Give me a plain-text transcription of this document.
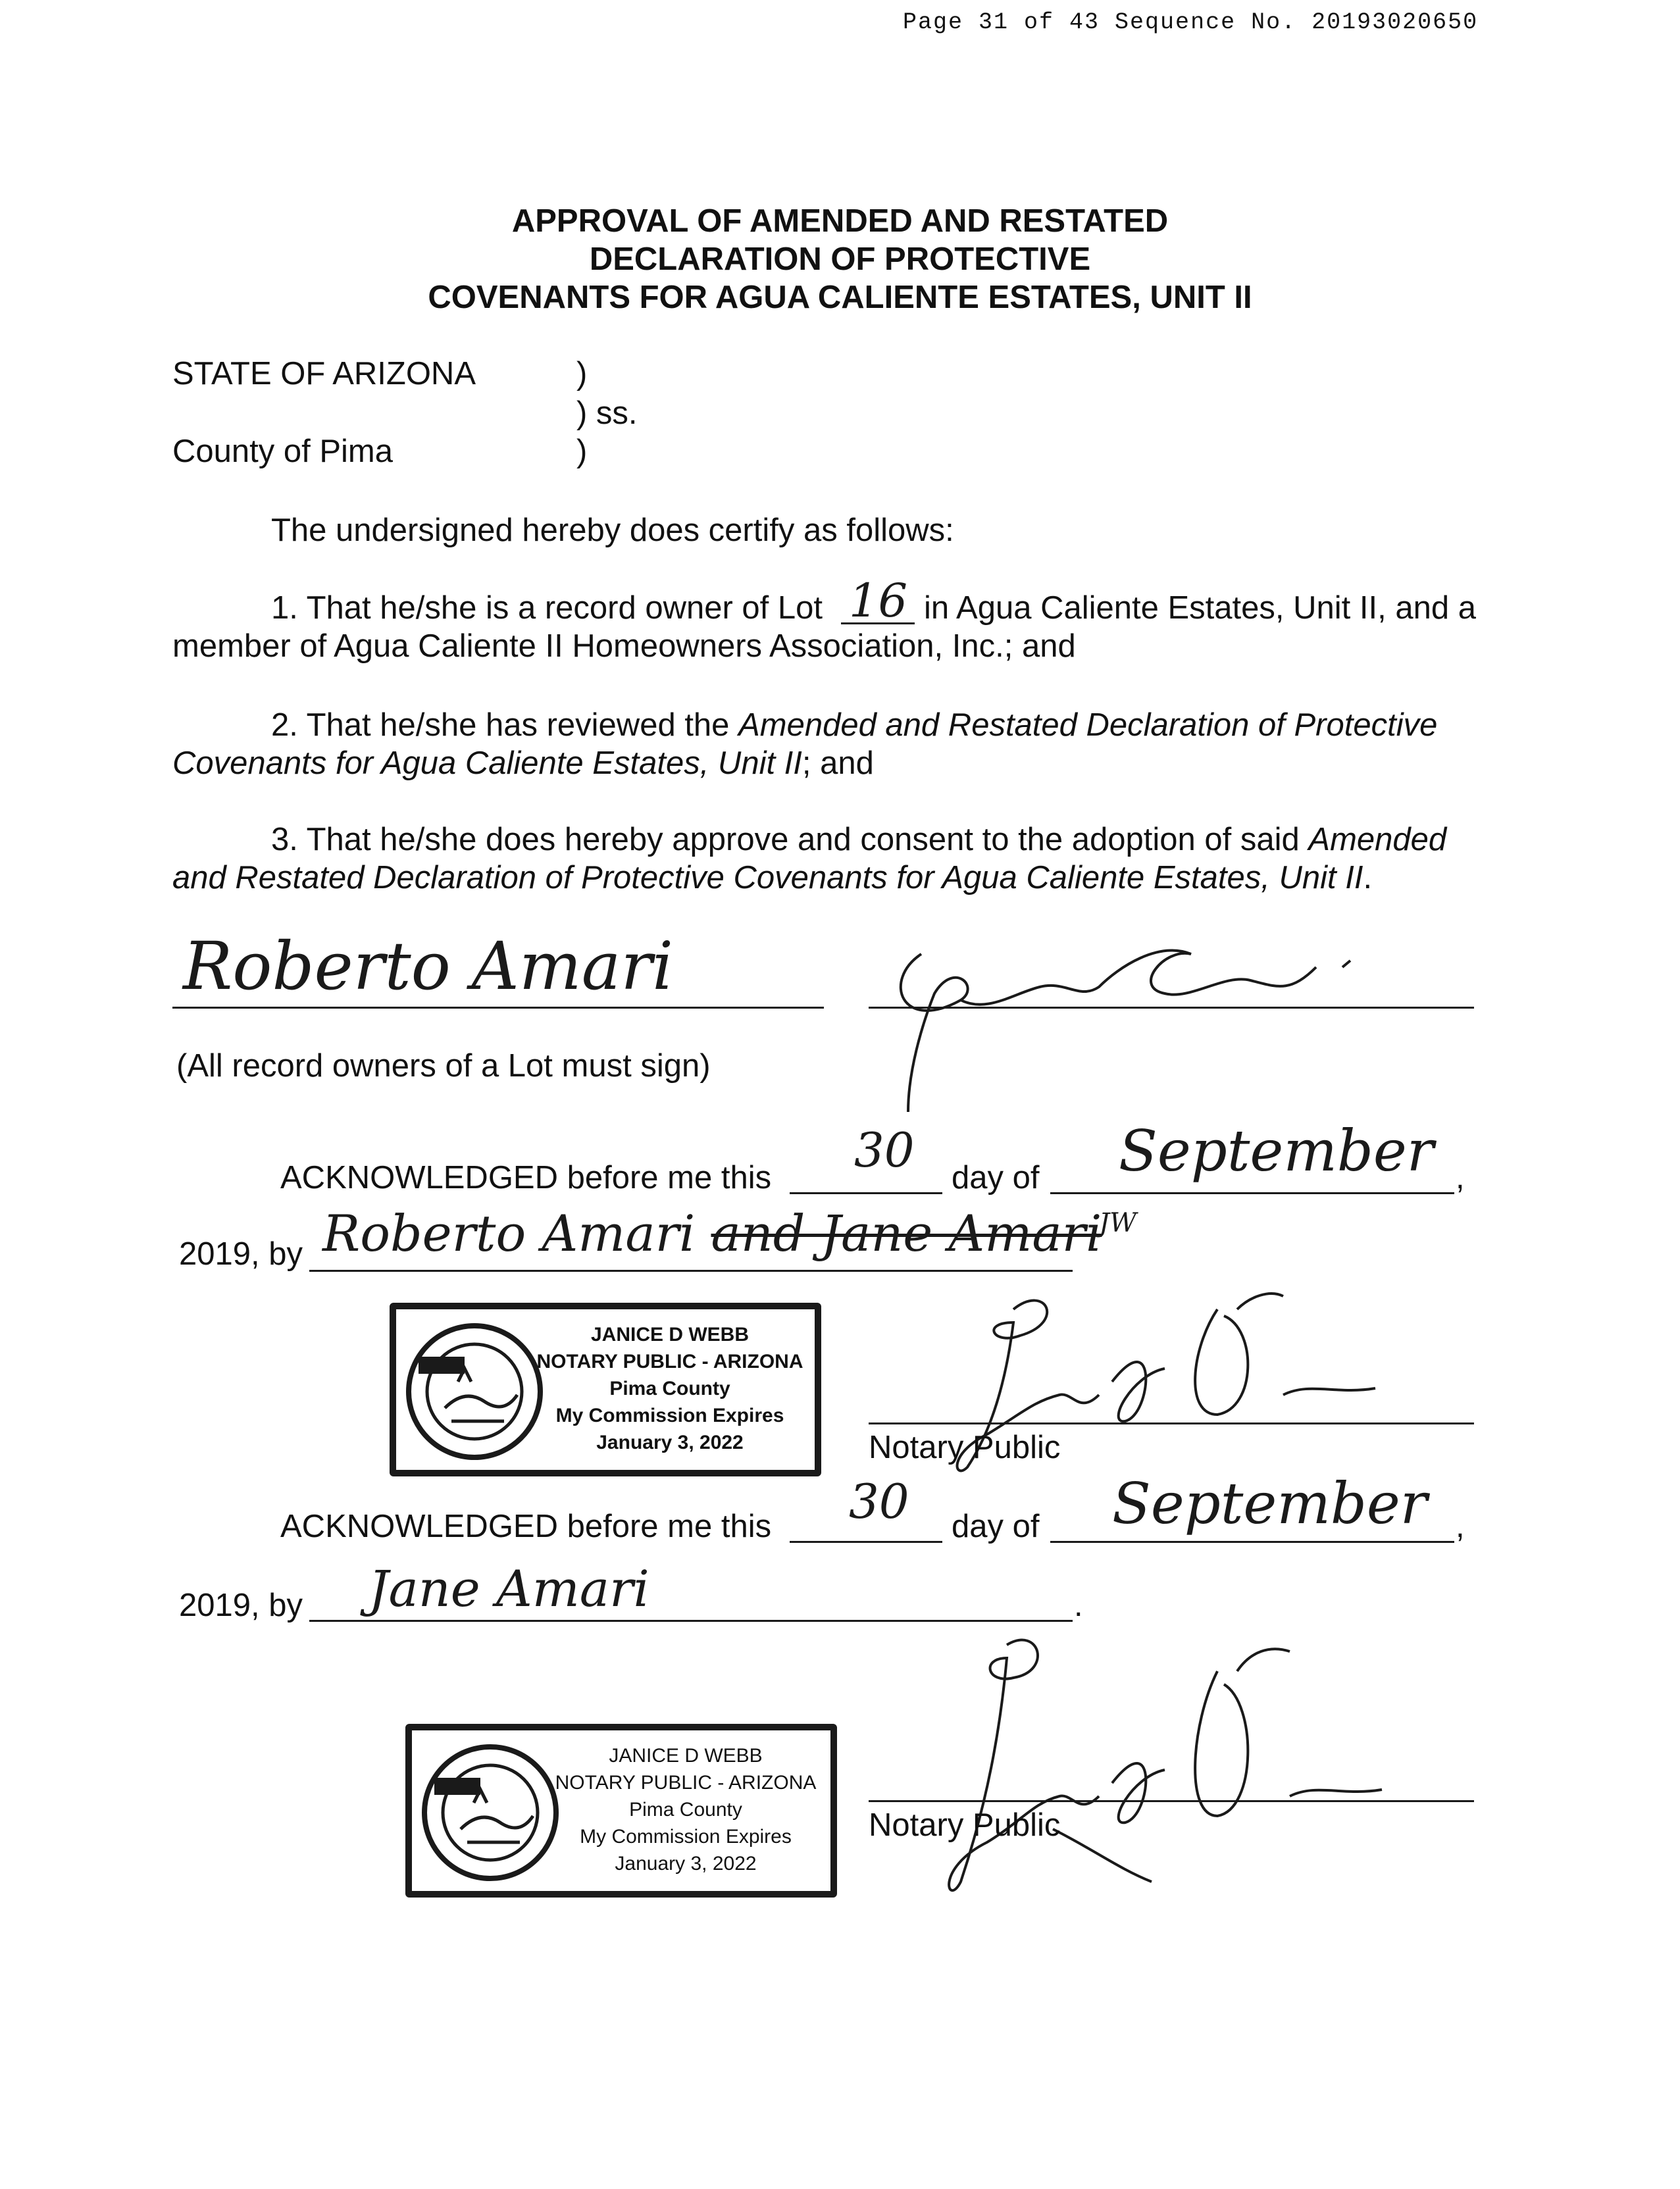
Page 31 of 43 Sequence No. 20193020650
APPROVAL OF AMENDED AND RESTATED
DECLARATION OF PROTECTIVE
COVENANTS FOR AGUA CALIENTE ESTATES, UNIT II
STATE OF ARIZONA	)
) ss.
County of Pima	)
The undersigned hereby does certify as follows:
1. That he/she is a record owner of Lot 16 in Agua Caliente Estates, Unit II, and a
member of Agua Caliente II Homeowners Association, Inc.; and
2. That he/she has reviewed the Amended and Restated Declaration of Protective
Covenants for Agua Caliente Estates, Unit II; and
3. That he/she does hereby approve and consent to the adoption of said Amended
and Restated Declaration of Protective Covenants for Agua Caliente Estates, Unit II.
Roberto Amari
(All record owners of a Lot must sign)
ACKNOWLEDGED before me this 30 day of September ,
2019, by Roberto Amari and Jane Amari
JW
JANICE D WEBB
NOTARY PUBLIC - ARIZONA
Pima County
My Commission Expires
January 3, 2022	Notary Public
ACKNOWLEDGED before me this 30 day of September ,
2019, by Jane Amari	.
JANICE D WEBB
NOTARY PUBLIC - ARIZONA
Pima County
My Commission Expires
January 3, 2022
Notary Public
